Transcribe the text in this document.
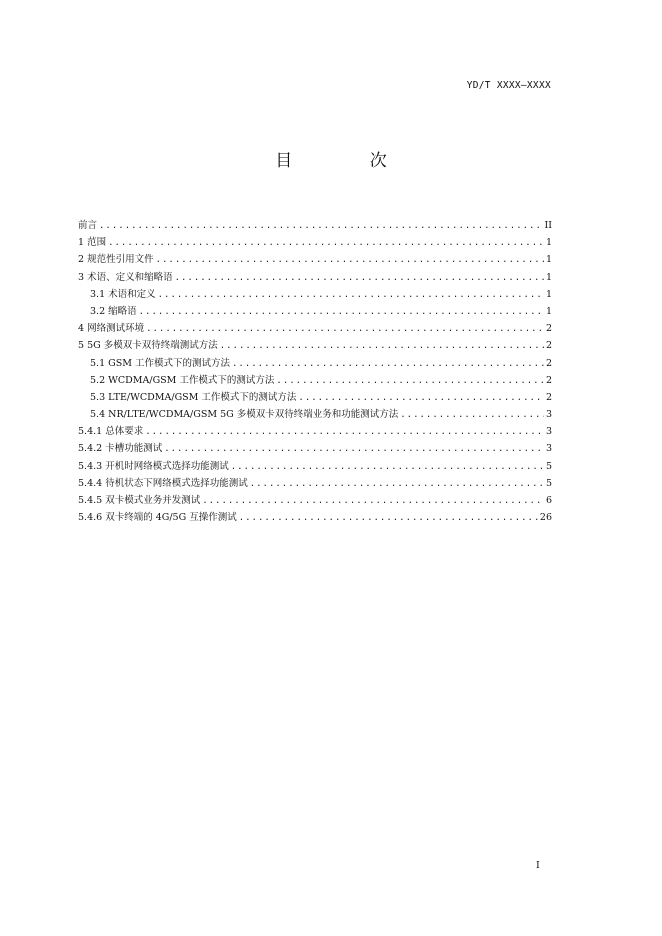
YD/T XXXX—XXXX
目 次
前言 .....	II
1 范围 .....	1
2 规范性引用文件 .....	1
3 术语、定义和缩略语 .....	1
3.1 术语和定义 .....	1
3.2 缩略语 .....	1
4 网络测试环境 .....	2
5 5G 多模双卡双待终端测试方法 .....	2
5.1 GSM 工作模式下的测试方法 .....	2
5.2 WCDMA/GSM 工作模式下的测试方法 .....	2
5.3 LTE/WCDMA/GSM 工作模式下的测试方法 .....	2
5.4 NR/LTE/WCDMA/GSM 5G 多模双卡双待终端业务和功能测试方法 .....	3
5.4.1 总体要求 .....	3
5.4.2 卡槽功能测试 .....	3
5.4.3 开机时网络模式选择功能测试 .....	5
5.4.4 待机状态下网络模式选择功能测试 .....	5
5.4.5 双卡模式业务并发测试 .....	6
5.4.6 双卡终端的 4G/5G 互操作测试 .....	26
I
